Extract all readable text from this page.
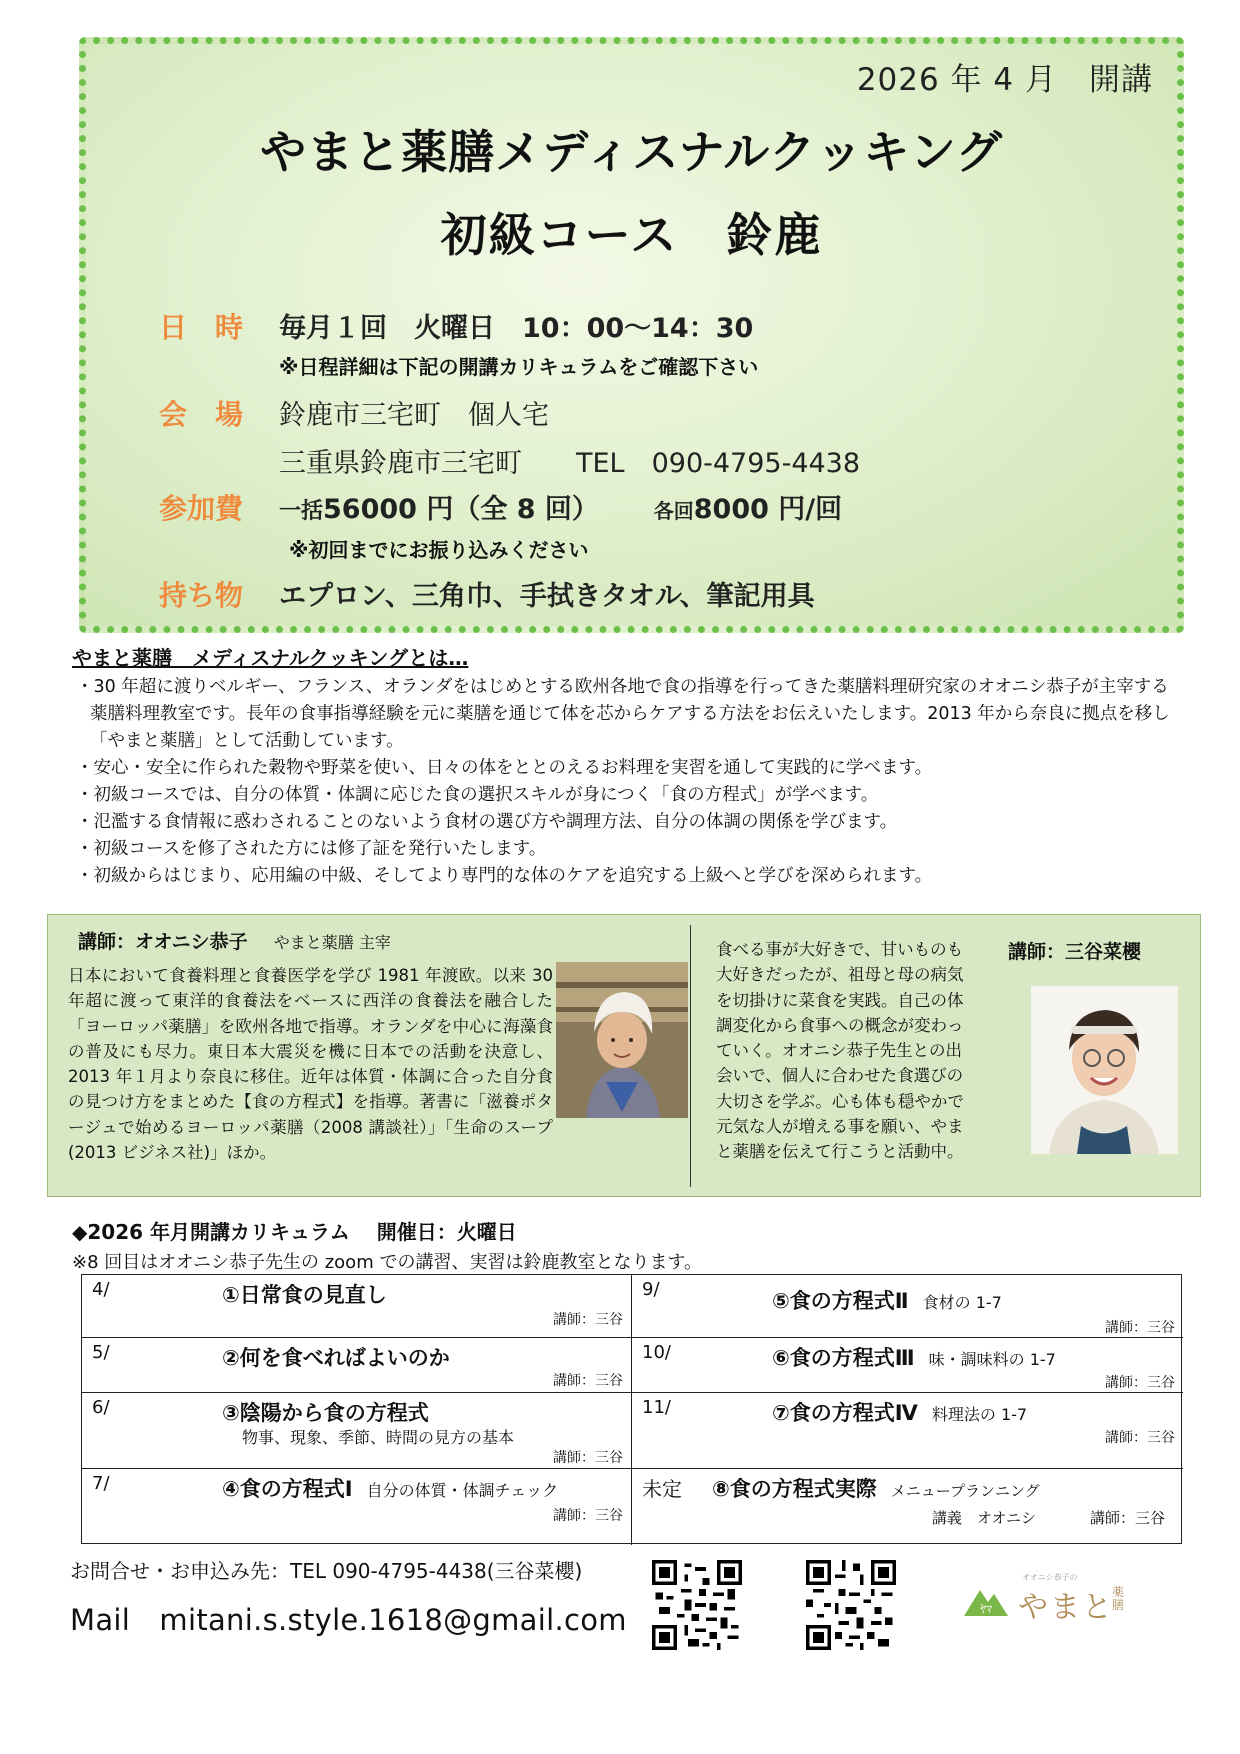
2026 年 4 月　開講
やまと薬膳メディスナルクッキング
初級コース　鈴鹿
日　時 毎月１回　火曜日　10：00～14：30
※日程詳細は下記の開講カリキュラムをご確認下さい
会　場 鈴鹿市三宅町　個人宅
三重県鈴鹿市三宅町　　TEL　090-4795-4438
参加費 一括56000 円（全 8 回）	各回8000 円/回
※初回までにお振り込みください
持ち物 エプロン、三角巾、手拭きタオル、筆記用具
やまと薬膳　メディスナルクッキングとは…
・30 年超に渡りベルギー、フランス、オランダをはじめとする欧州各地で食の指導を行ってきた薬膳料理研究家のオオニシ恭子が主宰する薬膳料理教室です。長年の食事指導経験を元に薬膳を通じて体を芯からケアする方法をお伝えいたします。2013 年から奈良に拠点を移し「やまと薬膳」として活動しています。
・安心・安全に作られた穀物や野菜を使い、日々の体をととのえるお料理を実習を通して実践的に学べます。
・初級コースでは、自分の体質・体調に応じた食の選択スキルが身につく「食の方程式」が学べます。
・氾濫する食情報に惑わされることのないよう食材の選び方や調理方法、自分の体調の関係を学びます。
・初級コースを修了された方には修了証を発行いたします。
・初級からはじまり、応用編の中級、そしてより専門的な体のケアを追究する上級へと学びを深められます。
講師：オオニシ恭子 やまと薬膳 主宰
日本において食養料理と食養医学を学び 1981 年渡欧。以来 30 年超に渡って東洋的食養法をベースに西洋の食養法を融合した「ヨーロッパ薬膳」を欧州各地で指導。オランダを中心に海藻食の普及にも尽力。東日本大震災を機に日本での活動を決意し、2013 年１月より奈良に移住。近年は体質・体調に合った自分食の見つけ方をまとめた【食の方程式】を指導。著書に「滋養ポタージュで始めるヨーロッパ薬膳（2008 講談社）」「生命のスープ(2013 ビジネス社)」ほか。
食べる事が大好きで、甘いものも大好きだったが、祖母と母の病気を切掛けに菜食を実践。自己の体調変化から食事への概念が変わっていく。オオニシ恭子先生との出会いで、個人に合わせた食選びの大切さを学ぶ。心も体も穏やかで元気な人が増える事を願い、やまと薬膳を伝えて行こうと活動中。
講師：三谷菜櫻
◆2026 年月開講カリキュラム　 開催日：火曜日
※8 回目はオオニシ恭子先生の zoom での講習、実習は鈴鹿教室となります。
4/	①日常食の見直し
講師：三谷
5/	②何を食べればよいのか
講師：三谷
6/	③陰陽から食の方程式
物事、現象、季節、時間の見方の基本
講師：三谷
7/	④食の方程式Ⅰ 自分の体質・体調チェック
講師：三谷
9/	⑤食の方程式Ⅱ 食材の 1-7
講師：三谷
10/	⑥食の方程式Ⅲ 味・調味料の 1-7
講師：三谷
11/	⑦食の方程式Ⅳ 料理法の 1-7
講師：三谷
未定 ⑧食の方程式実際 メニュープランニング
講義　オオニシ	講師：三谷
お問合せ・お申込み先：TEL 090-4795-4438(三谷菜櫻)
Mail　mitani.s.style.1618@gmail.com	ﾔﾏ
オオニシ恭子の
やまと
薬膳
